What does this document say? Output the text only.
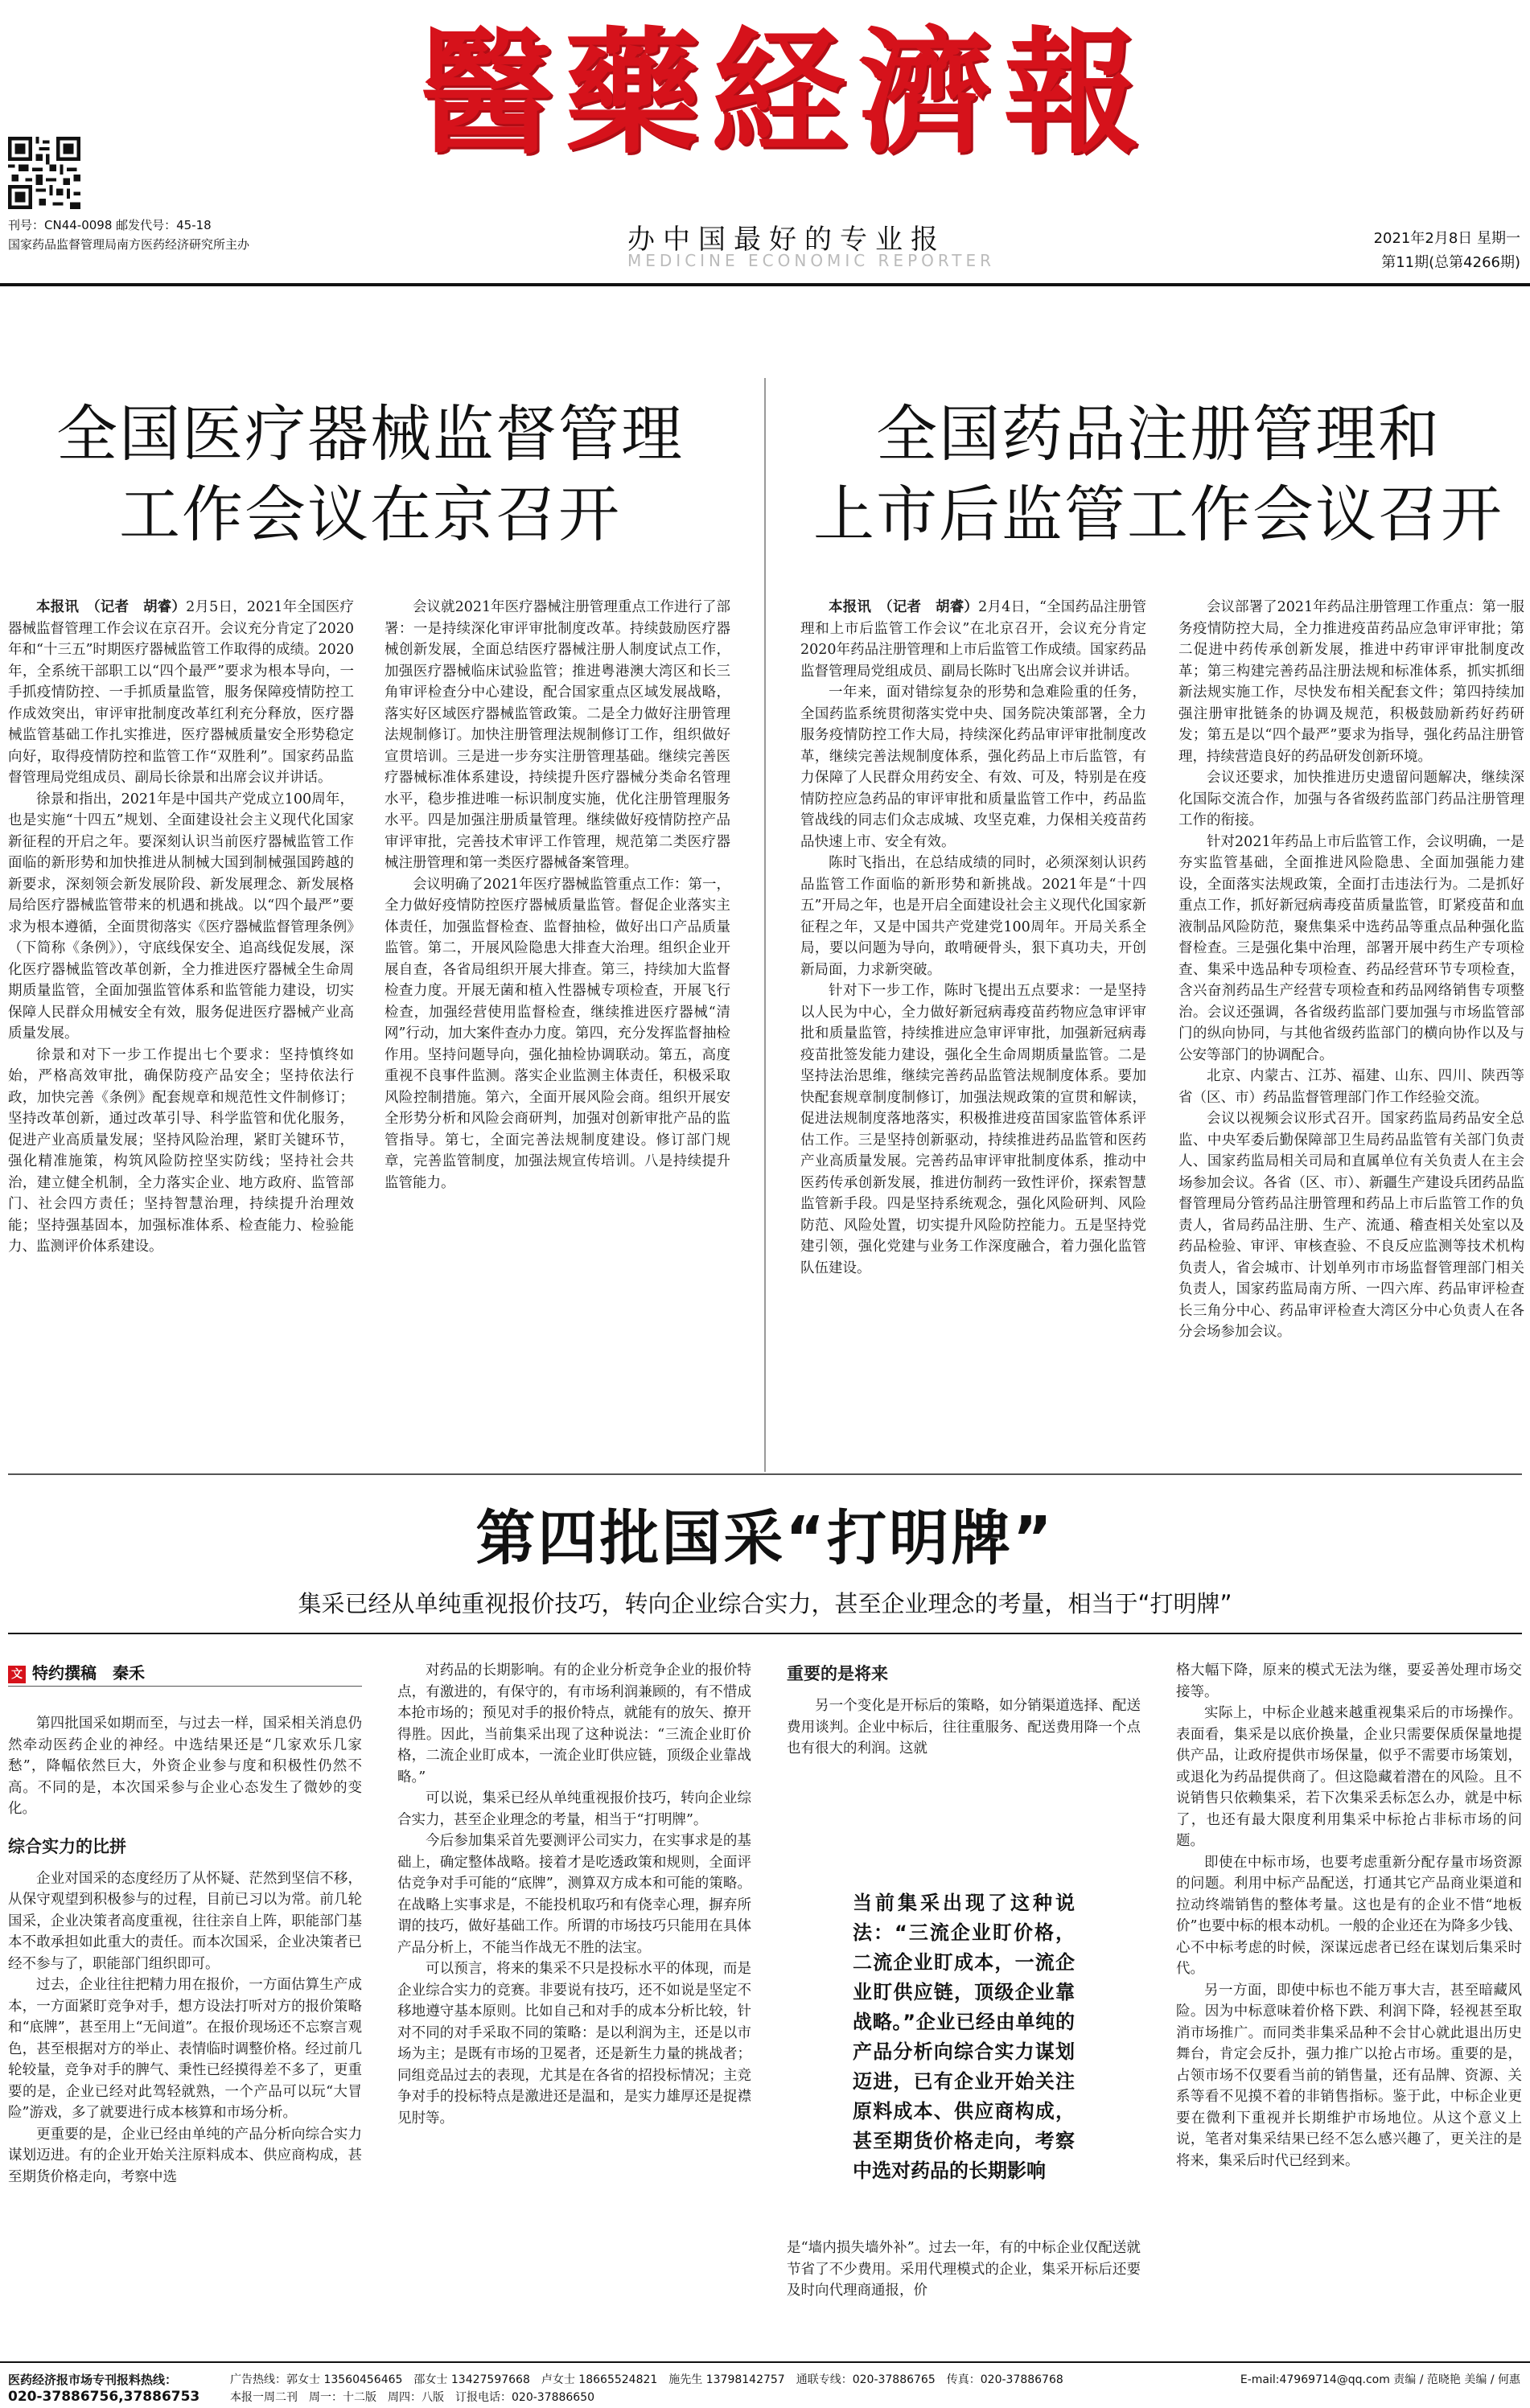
刊号：CN44-0098 邮发代号：45-18
国家药品监督管理局南方医药经济研究所主办
醫藥経濟報
办中国最好的专业报
MEDICINE ECONOMIC REPORTER
2021年2月8日 星期一
第11期(总第4266期)
全国医疗器械监督管理
工作会议在京召开

本报讯　（记者　胡睿）2月5日，2021年全国医疗器械监督管理工作会议在京召开。会议充分肯定了2020年和“十三五”时期医疗器械监管工作取得的成绩。2020年，全系统干部职工以“四个最严”要求为根本导向，一手抓疫情防控、一手抓质量监管，服务保障疫情防控工作成效突出，审评审批制度改革红利充分释放，医疗器械监管基础工作扎实推进，医疗器械质量安全形势稳定向好，取得疫情防控和监管工作“双胜利”。国家药品监督管理局党组成员、副局长徐景和出席会议并讲话。

徐景和指出，2021年是中国共产党成立100周年，也是实施“十四五”规划、全面建设社会主义现代化国家新征程的开启之年。要深刻认识当前医疗器械监管工作面临的新形势和加快推进从制械大国到制械强国跨越的新要求，深刻领会新发展阶段、新发展理念、新发展格局给医疗器械监管带来的机遇和挑战。以“四个最严”要求为根本遵循，全面贯彻落实《医疗器械监督管理条例》（下简称《条例》），守底线保安全、追高线促发展，深化医疗器械监管改革创新，全力推进医疗器械全生命周期质量监管，全面加强监管体系和监管能力建设，切实保障人民群众用械安全有效，服务促进医疗器械产业高质量发展。

徐景和对下一步工作提出七个要求：坚持慎终如始，严格高效审批，确保防疫产品安全；坚持依法行政，加快完善《条例》配套规章和规范性文件制修订；坚持改革创新，通过改革引导、科学监管和优化服务，促进产业高质量发展；坚持风险治理，紧盯关键环节，强化精准施策，构筑风险防控坚实防线；坚持社会共治，建立健全机制，全力落实企业、地方政府、监管部门、社会四方责任；坚持智慧治理，持续提升治理效能；坚持强基固本，加强标准体系、检查能力、检验能力、监测评价体系建设。

会议就2021年医疗器械注册管理重点工作进行了部署：一是持续深化审评审批制度改革。持续鼓励医疗器械创新发展，全面总结医疗器械注册人制度试点工作，加强医疗器械临床试验监管；推进粤港澳大湾区和长三角审评检查分中心建设，配合国家重点区域发展战略，落实好区域医疗器械监管政策。二是全力做好注册管理法规制修订。加快注册管理法规制修订工作，组织做好宣贯培训。三是进一步夯实注册管理基础。继续完善医疗器械标准体系建设，持续提升医疗器械分类命名管理水平，稳步推进唯一标识制度实施，优化注册管理服务水平。四是加强注册质量管理。继续做好疫情防控产品审评审批，完善技术审评工作管理，规范第二类医疗器械注册管理和第一类医疗器械备案管理。

会议明确了2021年医疗器械监管重点工作：第一，全力做好疫情防控医疗器械质量监管。督促企业落实主体责任，加强监督检查、监督抽检，做好出口产品质量监管。第二，开展风险隐患大排查大治理。组织企业开展自查，各省局组织开展大排查。第三，持续加大监督检查力度。开展无菌和植入性器械专项检查，开展飞行检查，加强经营使用监督检查，继续推进医疗器械“清网”行动，加大案件查办力度。第四，充分发挥监督抽检作用。坚持问题导向，强化抽检协调联动。第五，高度重视不良事件监测。落实企业监测主体责任，积极采取风险控制措施。第六，全面开展风险会商。组织开展安全形势分析和风险会商研判，加强对创新审批产品的监管指导。第七，全面完善法规制度建设。修订部门规章，完善监管制度，加强法规宣传培训。八是持续提升监管能力。

全国药品注册管理和
上市后监管工作会议召开

本报讯　（记者　胡睿）2月4日，“全国药品注册管理和上市后监管工作会议”在北京召开，会议充分肯定2020年药品注册管理和上市后监管工作成绩。国家药品监督管理局党组成员、副局长陈时飞出席会议并讲话。

一年来，面对错综复杂的形势和急难险重的任务，全国药监系统贯彻落实党中央、国务院决策部署，全力服务疫情防控工作大局，持续深化药品审评审批制度改革，继续完善法规制度体系，强化药品上市后监管，有力保障了人民群众用药安全、有效、可及，特别是在疫情防控应急药品的审评审批和质量监管工作中，药品监管战线的同志们众志成城、攻坚克难，力保相关疫苗药品快速上市、安全有效。

陈时飞指出，在总结成绩的同时，必须深刻认识药品监管工作面临的新形势和新挑战。2021年是“十四五”开局之年，也是开启全面建设社会主义现代化国家新征程之年，又是中国共产党建党100周年。开局关系全局，要以问题为导向，敢啃硬骨头，狠下真功夫，开创新局面，力求新突破。

针对下一步工作，陈时飞提出五点要求：一是坚持以人民为中心，全力做好新冠病毒疫苗药物应急审评审批和质量监管，持续推进应急审评审批，加强新冠病毒疫苗批签发能力建设，强化全生命周期质量监管。二是坚持法治思维，继续完善药品监管法规制度体系。要加快配套规章制度制修订，加强法规政策的宣贯和解读，促进法规制度落地落实，积极推进疫苗国家监管体系评估工作。三是坚持创新驱动，持续推进药品监管和医药产业高质量发展。完善药品审评审批制度体系，推动中医药传承创新发展，推进仿制药一致性评价，探索智慧监管新手段。四是坚持系统观念，强化风险研判、风险防范、风险处置，切实提升风险防控能力。五是坚持党建引领，强化党建与业务工作深度融合，着力强化监管队伍建设。

会议部署了2021年药品注册管理工作重点：第一服务疫情防控大局，全力推进疫苗药品应急审评审批；第二促进中药传承创新发展，推进中药审评审批制度改革；第三构建完善药品注册法规和标准体系，抓实抓细新法规实施工作，尽快发布相关配套文件；第四持续加强注册审批链条的协调及规范，积极鼓励新药好药研发；第五是以“四个最严”要求为指导，强化药品注册管理，持续营造良好的药品研发创新环境。

会议还要求，加快推进历史遗留问题解决，继续深化国际交流合作，加强与各省级药监部门药品注册管理工作的衔接。

针对2021年药品上市后监管工作，会议明确，一是夯实监管基础，全面推进风险隐患、全面加强能力建设，全面落实法规政策，全面打击违法行为。二是抓好重点工作，抓好新冠病毒疫苗质量监管，盯紧疫苗和血液制品风险防范，聚焦集采中选药品等重点品种强化监督检查。三是强化集中治理，部署开展中药生产专项检查、集采中选品种专项检查、药品经营环节专项检查，含兴奋剂药品生产经营专项检查和药品网络销售专项整治。会议还强调，各省级药监部门要加强与市场监管部门的纵向协同，与其他省级药监部门的横向协作以及与公安等部门的协调配合。

北京、内蒙古、江苏、福建、山东、四川、陕西等省（区、市）药品监督管理部门作工作经验交流。

会议以视频会议形式召开。国家药监局药品安全总监、中央军委后勤保障部卫生局药品监管有关部门负责人、国家药监局相关司局和直属单位有关负责人在主会场参加会议。各省（区、市）、新疆生产建设兵团药品监督管理局分管药品注册管理和药品上市后监管工作的负责人，省局药品注册、生产、流通、稽查相关处室以及药品检验、审评、审核查验、不良反应监测等技术机构负责人，省会城市、计划单列市市场监督管理部门相关负责人，国家药监局南方所、一四六库、药品审评检查长三角分中心、药品审评检查大湾区分中心负责人在各分会场参加会议。

第四批国采“打明牌”
集采已经从单纯重视报价技巧，转向企业综合实力，甚至企业理念的考量，相当于“打明牌”
文 特约撰稿　秦禾

第四批国采如期而至，与过去一样，国采相关消息仍然牵动医药企业的神经。中选结果还是“几家欢乐几家愁”，降幅依然巨大，外资企业参与度和积极性仍然不高。不同的是，本次国采参与企业心态发生了微妙的变化。

综合实力的比拼

企业对国采的态度经历了从怀疑、茫然到坚信不移，从保守观望到积极参与的过程，目前已习以为常。前几轮国采，企业决策者高度重视，往往亲自上阵，职能部门基本不敢承担如此重大的责任。而本次国采，企业决策者已经不参与了，职能部门组织即可。

过去，企业往往把精力用在报价，一方面估算生产成本，一方面紧盯竞争对手，想方设法打听对方的报价策略和“底牌”，甚至用上“无间道”。在报价现场还不忘察言观色，甚至根据对方的举止、表情临时调整价格。经过前几轮较量，竞争对手的脾气、秉性已经摸得差不多了，更重要的是，企业已经对此驾轻就熟，一个产品可以玩“大冒险”游戏，多了就要进行成本核算和市场分析。

更重要的是，企业已经由单纯的产品分析向综合实力谋划迈进。有的企业开始关注原料成本、供应商构成，甚至期货价格走向，考察中选

对药品的长期影响。有的企业分析竞争企业的报价特点，有激进的，有保守的，有市场利润兼顾的，有不惜成本抢市场的；预见对手的报价特点，就能有的放矢、撩开得胜。因此，当前集采出现了这种说法：“三流企业盯价格，二流企业盯成本，一流企业盯供应链，顶级企业靠战略。”

可以说，集采已经从单纯重视报价技巧，转向企业综合实力，甚至企业理念的考量，相当于“打明牌”。

今后参加集采首先要测评公司实力，在实事求是的基础上，确定整体战略。接着才是吃透政策和规则，全面评估竞争对手可能的“底牌”，测算双方成本和可能的策略。在战略上实事求是，不能投机取巧和有侥幸心理，摒弃所谓的技巧，做好基础工作。所谓的市场技巧只能用在具体产品分析上，不能当作战无不胜的法宝。

可以预言，将来的集采不只是投标水平的体现，而是企业综合实力的竞赛。非要说有技巧，还不如说是坚定不移地遵守基本原则。比如自己和对手的成本分析比较，针对不同的对手采取不同的策略：是以利润为主，还是以市场为主；是既有市场的卫冕者，还是新生力量的挑战者；同组竞品过去的表现，尤其是在各省的招投标情况；主竞争对手的投标特点是激进还是温和，是实力雄厚还是捉襟见肘等。

重要的是将来

另一个变化是开标后的策略，如分销渠道选择、配送费用谈判。企业中标后，往往重服务、配送费用降一个点也有很大的利润。这就

当前集采出现了这种说法：“三流企业盯价格，二流企业盯成本，一流企业盯供应链，顶级企业靠战略。”企业已经由单纯的产品分析向综合实力谋划迈进，已有企业开始关注原料成本、供应商构成，甚至期货价格走向，考察中选对药品的长期影响

是“墙内损失墙外补”。过去一年，有的中标企业仅配送就节省了不少费用。采用代理模式的企业，集采开标后还要及时向代理商通报，价

格大幅下降，原来的模式无法为继，要妥善处理市场交接等。

实际上，中标企业越来越重视集采后的市场操作。表面看，集采是以底价换量，企业只需要保质保量地提供产品，让政府提供市场保量，似乎不需要市场策划，或退化为药品提供商了。但这隐藏着潜在的风险。且不说销售只依赖集采，若下次集采丢标怎么办，就是中标了，也还有最大限度利用集采中标抢占非标市场的问题。

即使在中标市场，也要考虑重新分配存量市场资源的问题。利用中标产品配送，打通其它产品商业渠道和拉动终端销售的整体考量。这也是有的企业不惜“地板价”也要中标的根本动机。一般的企业还在为降多少钱、心不中标考虑的时候，深谋远虑者已经在谋划后集采时代。

另一方面，即使中标也不能万事大吉，甚至暗藏风险。因为中标意味着价格下跌、利润下降，轻视甚至取消市场推广。而同类非集采品种不会甘心就此退出历史舞台，肯定会反扑，强力推广以抢占市场。重要的是，占领市场不仅要看当前的销售量，还有品牌、资源、关系等看不见摸不着的非销售指标。鉴于此，中标企业更要在微利下重视并长期维护市场地位。从这个意义上说，笔者对集采结果已经不怎么感兴趣了，更关注的是将来，集采后时代已经到来。

医药经济报市场专刊报料热线：
020-37886756,37886753
广告热线：郭女士 13560456465　邵女士 13427597668　卢女士 18665524821　施先生 13798142757　通联专线：020-37886765　传真：020-37886768
本报一周二刊　周一：十二版　周四：八版　订报电话：020-37886650
E-mail:47969714@qq.com 责编 / 范晓艳 美编 / 何惠
